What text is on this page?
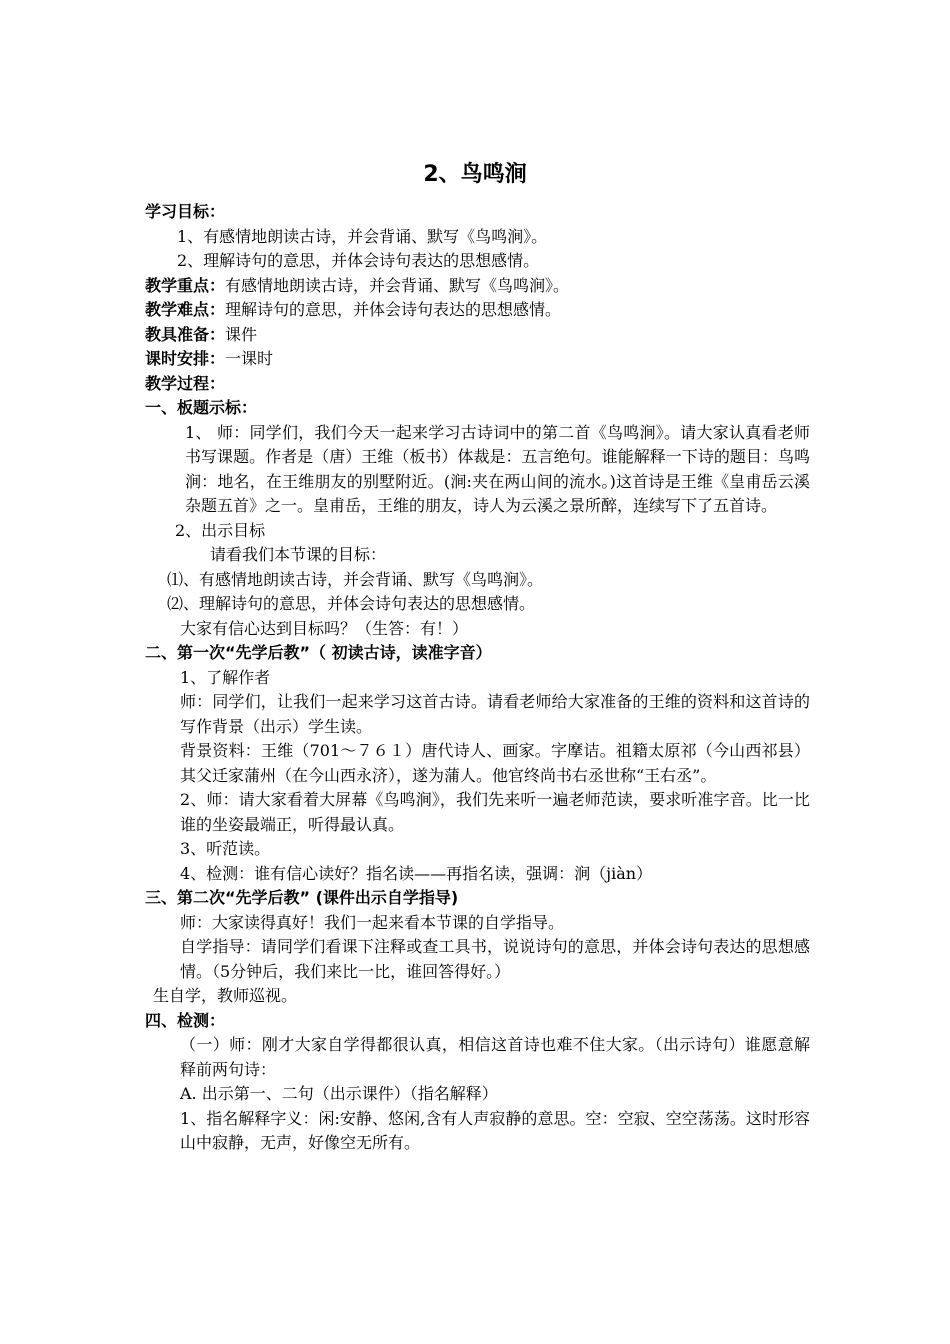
2、鸟鸣涧
学习目标：
1、有感情地朗读古诗，并会背诵、默写《鸟鸣涧》。
2、理解诗句的意思，并体会诗句表达的思想感情。
教学重点：有感情地朗读古诗，并会背诵、默写《鸟鸣涧》。
教学难点：理解诗句的意思，并体会诗句表达的思想感情。
教具准备：课件
课时安排：一课时
教学过程：
一、板题示标：
1、 师：同学们，我们今天一起来学习古诗词中的第二首《鸟鸣涧》。请大家认真看老师书写课题。作者是（唐）王维（板书）体裁是：五言绝句。谁能解释一下诗的题目：鸟鸣涧：地名，在王维朋友的别墅附近。(涧:夹在两山间的流水。)这首诗是王维《皇甫岳云溪杂题五首》之一。皇甫岳，王维的朋友，诗人为云溪之景所醉，连续写下了五首诗。
2、出示目标
请看我们本节课的目标：
⑴、有感情地朗读古诗，并会背诵、默写《鸟鸣涧》。
⑵、理解诗句的意思，并体会诗句表达的思想感情。
大家有信心达到目标吗？（生答：有！）
二、第一次“先学后教”（ 初读古诗，读准字音）
1、了解作者
师：同学们，让我们一起来学习这首古诗。请看老师给大家准备的王维的资料和这首诗的写作背景（出示）学生读。
背景资料：王维（701～７６１）唐代诗人、画家。字摩诘。祖籍太原祁（今山西祁县）其父迁家蒲州（在今山西永济），遂为蒲人。他官终尚书右丞世称“王右丞”。
2、师：请大家看着大屏幕《鸟鸣涧》，我们先来听一遍老师范读，要求听准字音。比一比谁的坐姿最端正，听得最认真。
3、听范读。
4、检测：谁有信心读好？指名读——再指名读，强调：涧（jiàn）
三、第二次“先学后教” (课件出示自学指导)
师：大家读得真好！我们一起来看本节课的自学指导。
自学指导：请同学们看课下注释或查工具书，说说诗句的意思，并体会诗句表达的思想感情。（5分钟后，我们来比一比，谁回答得好。）
生自学，教师巡视。
四、检测：
（一）师：刚才大家自学得都很认真，相信这首诗也难不住大家。（出示诗句）谁愿意解释前两句诗：
A. 出示第一、二句（出示课件）（指名解释）
1、指名解释字义：闲:安静、悠闲,含有人声寂静的意思。空：空寂、空空荡荡。这时形容山中寂静，无声，好像空无所有。
